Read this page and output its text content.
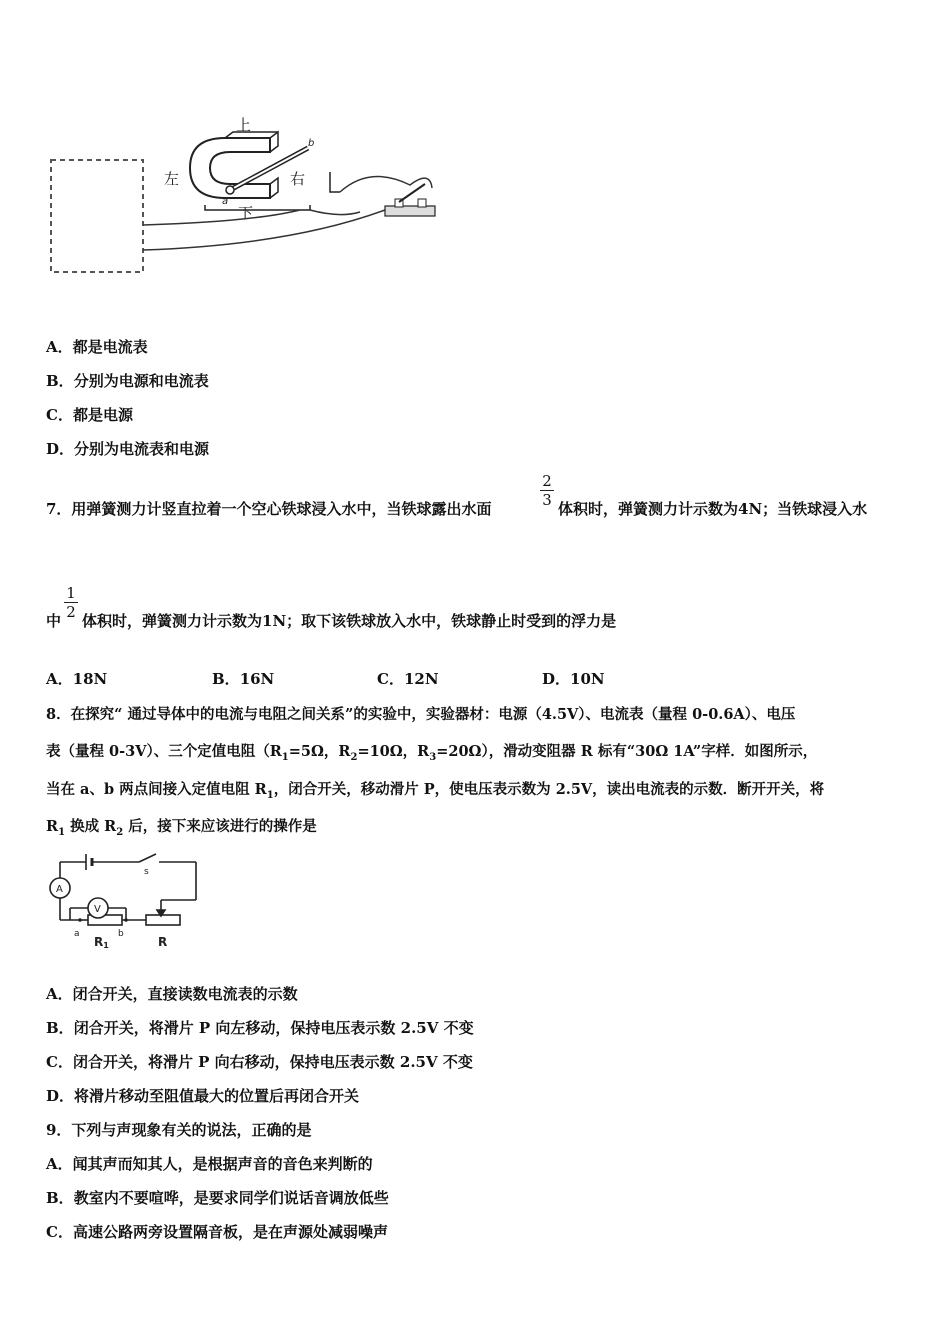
上
下
左	右
a
b
A．都是电流表
B．分别为电源和电流表
C．都是电源
D．分别为电流表和电源
7．用弹簧测力计竖直拉着一个空心铁球浸入水中，当铁球露出水面
2
3 体积时，弹簧测力计示数为4N；当铁球浸入水
中
1
2 体积时，弹簧测力计示数为1N；取下该铁球放入水中，铁球静止时受到的浮力是
A．18N	B．16N	C．12N	D．10N
8．在探究“ 通过导体中的电流与电阻之间关系”的实验中，实验器材：电源（4.5V）、电流表（量程 0-0.6A）、电压
表（量程 0-3V）、三个定值电阻（$R_1=5\Omega$，$R_2=10\Omega$，$R_3=20\Omega$），滑动变阻器 R 标有“30Ω 1A”字样．如图所示，
当在 a、b 两点间接入定值电阻 $R_1$，闭合开关，移动滑片 P，使电压表示数为 2.5V，读出电流表的示数．断开开关，将
$R_1$ 换成 $R_2$ 后，接下来应该进行的操作是
A
V
s
a	b
R1	R
A．闭合开关，直接读数电流表的示数
B．闭合开关，将滑片 P 向左移动，保持电压表示数 2.5V 不变
C．闭合开关，将滑片 P 向右移动，保持电压表示数 2.5V 不变
D．将滑片移动至阻值最大的位置后再闭合开关
9．下列与声现象有关的说法，正确的是
A．闻其声而知其人，是根据声音的音色来判断的
B．教室内不要喧哗，是要求同学们说话音调放低些
C．高速公路两旁设置隔音板，是在声源处减弱噪声
